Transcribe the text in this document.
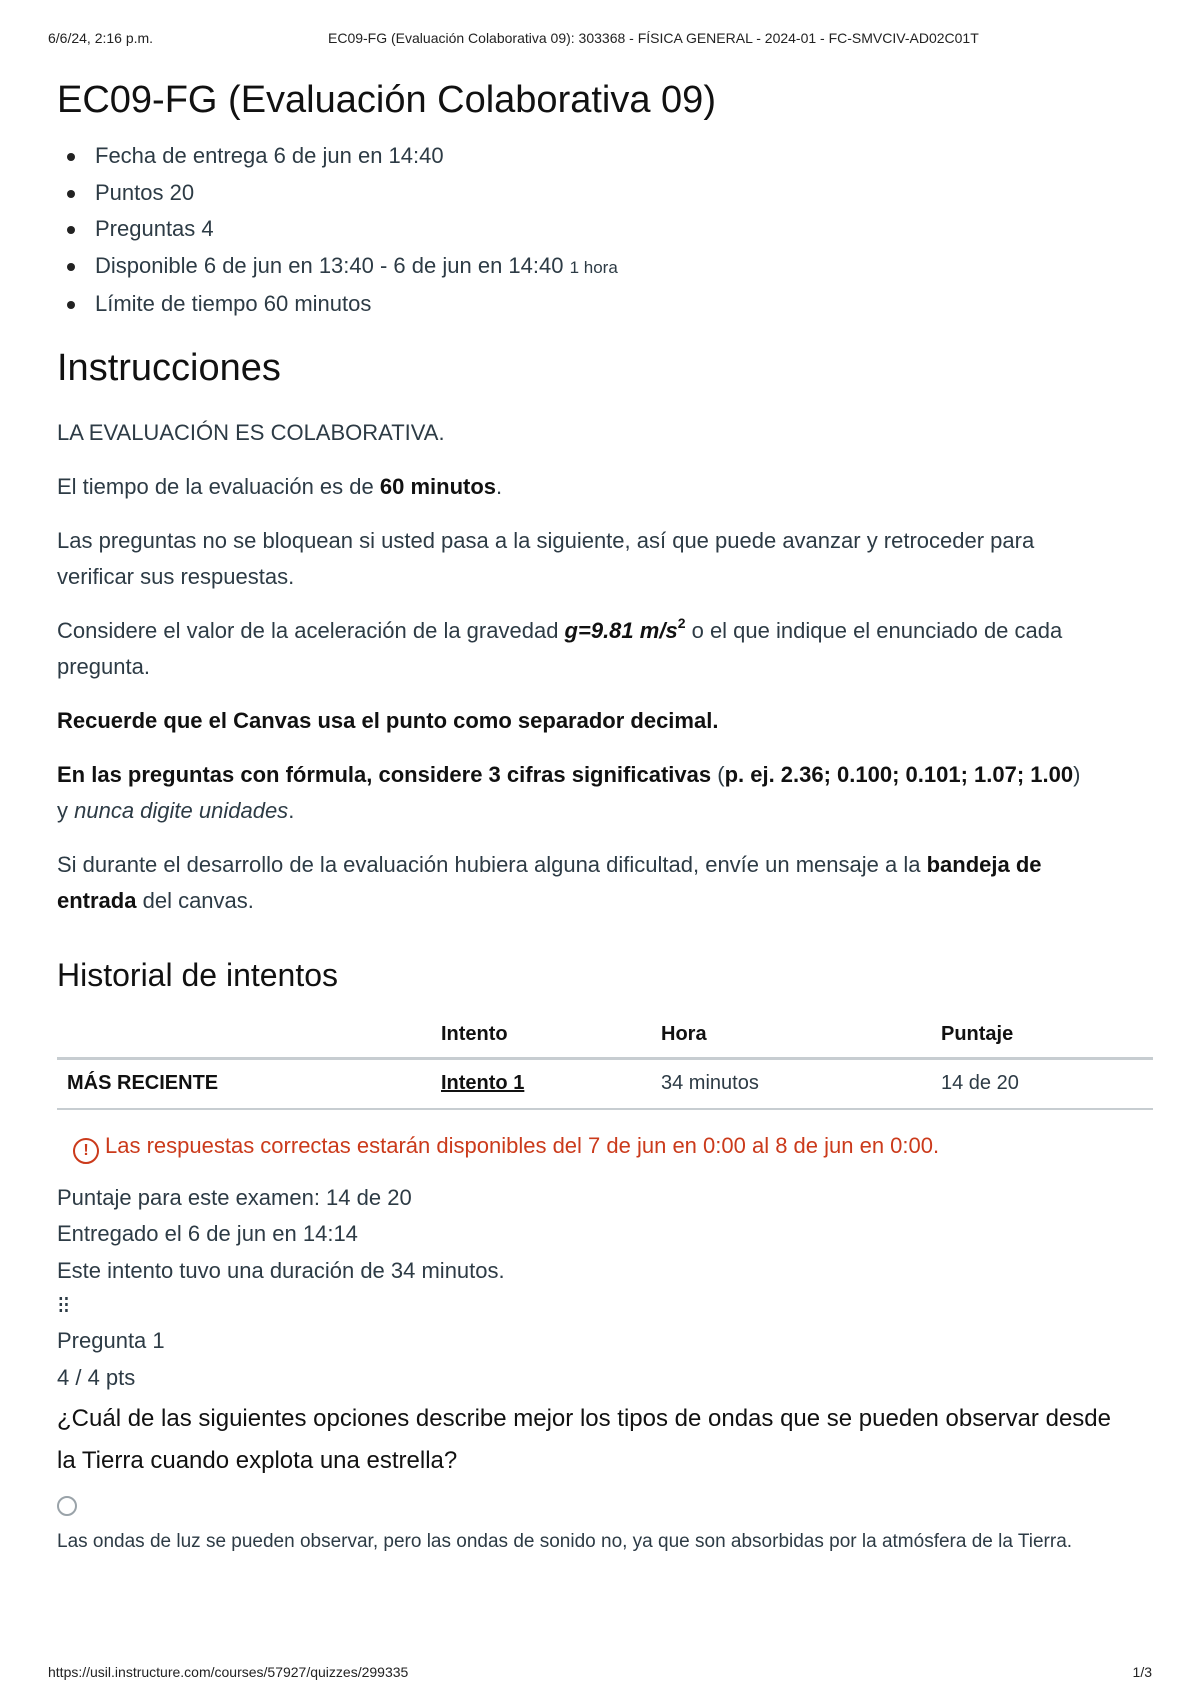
6/6/24, 2:16 p.m.	EC09-FG (Evaluación Colaborativa 09): 303368 - FÍSICA GENERAL - 2024-01 - FC-SMVCIV-AD02C01T
EC09-FG (Evaluación Colaborativa 09)
Fecha de entrega 6 de jun en 14:40
Puntos 20
Preguntas 4
Disponible 6 de jun en 13:40 - 6 de jun en 14:40 1 hora
Límite de tiempo 60 minutos
Instrucciones

LA EVALUACIÓN ES COLABORATIVA.

El tiempo de la evaluación es de 60 minutos.

Las preguntas no se bloquean si usted pasa a la siguiente, así que puede avanzar y retroceder para verificar sus respuestas.

Considere el valor de la aceleración de la gravedad g=9.81 $m/s^2$ o el que indique el enunciado de cada pregunta.

Recuerde que el Canvas usa el punto como separador decimal.

En las preguntas con fórmula, considere 3 cifras significativas (p. ej. 2.36; 0.100; 0.101; 1.07; 1.00) y nunca digite unidades.

Si durante el desarrollo de la evaluación hubiera alguna dificultad, envíe un mensaje a la bandeja de entrada del canvas.

Historial de intentos
	Intento	Hora	Puntaje
MÁS RECIENTE	Intento 1	34 minutos	14 de 20
! Las respuestas correctas estarán disponibles del 7 de jun en 0:00 al 8 de jun en 0:00.
Puntaje para este examen: 14 de 20
Entregado el 6 de jun en 14:14
Este intento tuvo una duración de 34 minutos.
⁝⁝
Pregunta 1
4 / 4 pts
¿Cuál de las siguientes opciones describe mejor los tipos de ondas que se pueden observar desde la Tierra cuando explota una estrella?
Las ondas de luz se pueden observar, pero las ondas de sonido no, ya que son absorbidas por la atmósfera de la Tierra.
https://usil.instructure.com/courses/57927/quizzes/299335	1/3
